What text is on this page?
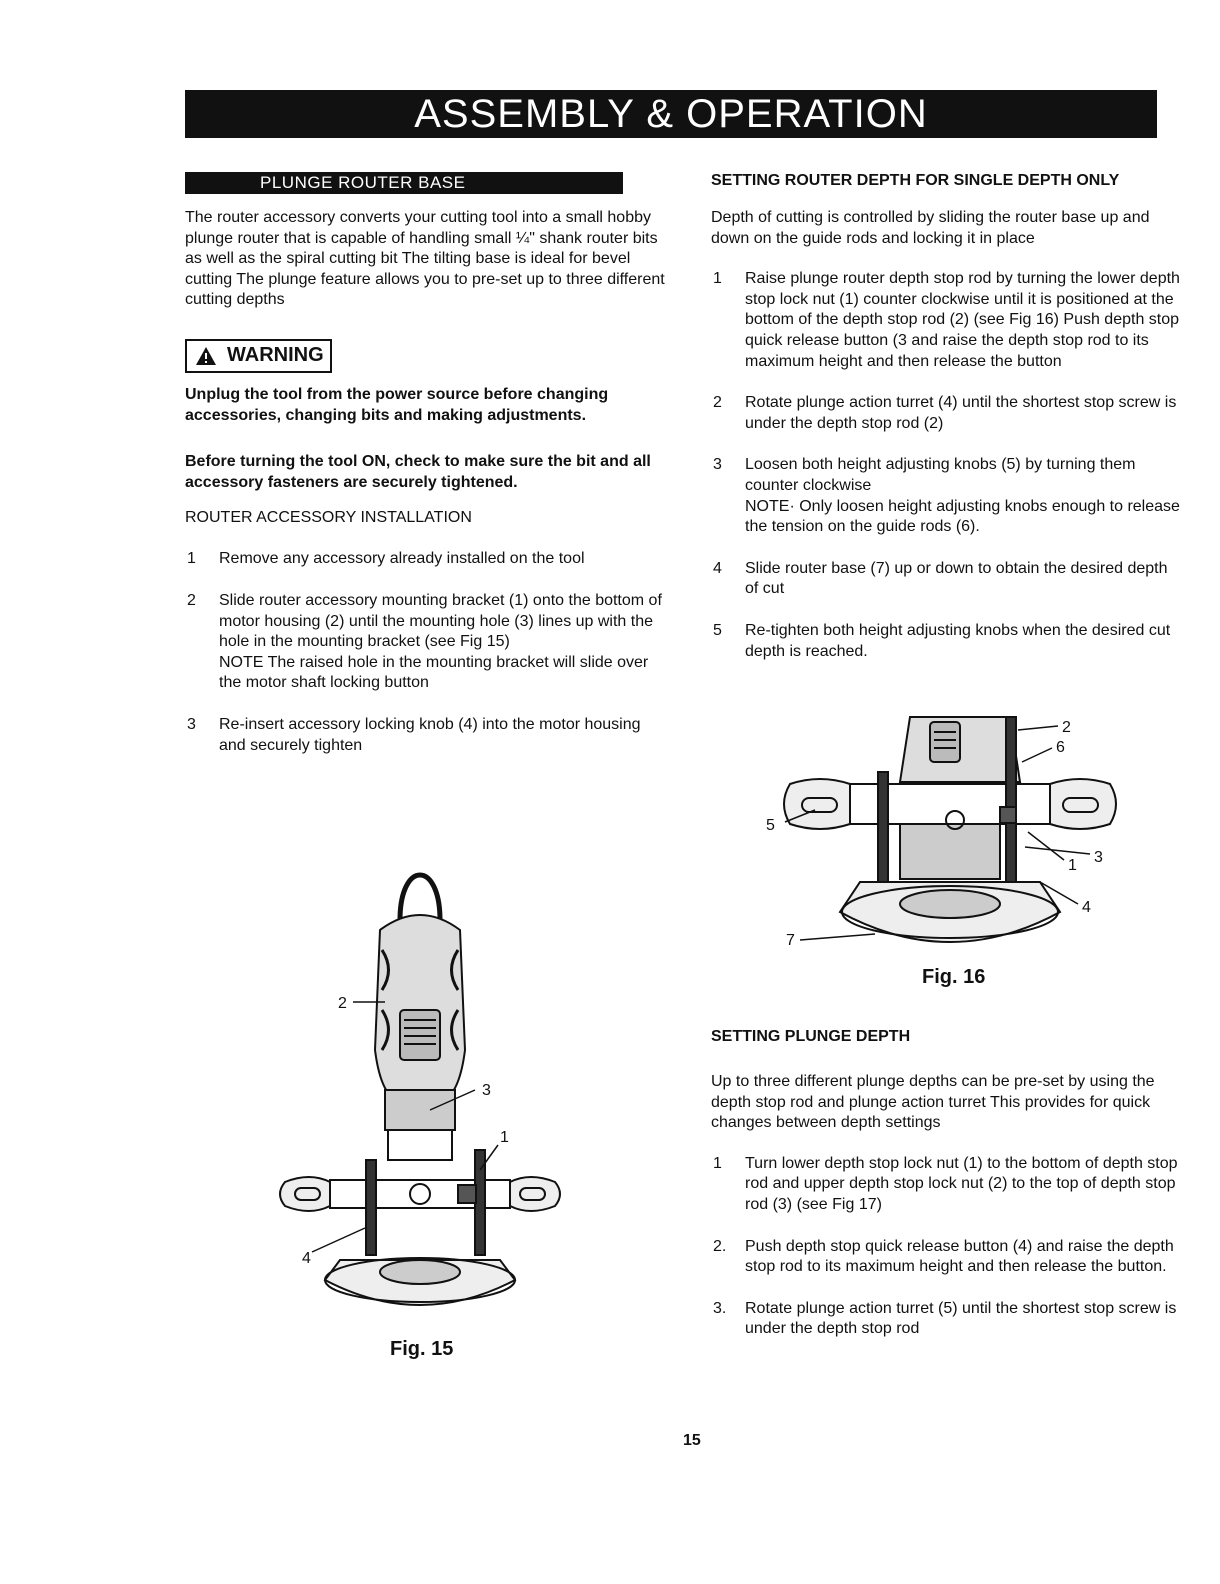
ASSEMBLY & OPERATION
PLUNGE ROUTER BASE

The router accessory converts your cutting tool into a small hobby plunge router that is capable of handling small ¼" shank router bits as well as the spiral cutting bit The tilting base is ideal for bevel cutting The plunge feature allows you to pre-set up to three different cutting depths

WARNING

Unplug the tool from the power source before changing accessories, changing bits and making adjustments.

Before turning the tool ON, check to make sure the bit and all accessory fasteners are securely tightened.

ROUTER ACCESSORY INSTALLATION

1 Remove any accessory already installed on the tool
2 Slide router accessory mounting bracket (1) onto the bottom of motor housing (2) until the mounting hole (3) lines up with the hole in the mounting bracket (see Fig 15)
NOTE The raised hole in the mounting bracket will slide over the motor shaft locking button
3 Re-insert accessory locking knob (4) into the motor housing and securely tighten
2
3
1
4
Fig. 15

SETTING ROUTER DEPTH FOR SINGLE DEPTH ONLY

Depth of cutting is controlled by sliding the router base up and down on the guide rods and locking it in place

1 Raise plunge router depth stop rod by turning the lower depth stop lock nut (1) counter clockwise until it is positioned at the bottom of the depth stop rod (2) (see Fig 16) Push depth stop quick release button (3 and raise the depth stop rod to its maximum height and then release the button
2 Rotate plunge action turret (4) until the shortest stop screw is under the depth stop rod (2)
3 Loosen both height adjusting knobs (5) by turning them counter clockwise
NOTE· Only loosen height adjusting knobs enough to release the tension on the guide rods (6).
4 Slide router base (7) up or down to obtain the desired depth of cut
5 Re-tighten both height adjusting knobs when the desired cut depth is reached.
2
6
5
1 3
4
7
Fig. 16

SETTING PLUNGE DEPTH

Up to three different plunge depths can be pre-set by using the depth stop rod and plunge action turret This provides for quick changes between depth settings

1 Turn lower depth stop lock nut (1) to the bottom of depth stop rod and upper depth stop lock nut (2) to the top of depth stop rod (3) (see Fig 17)
2. Push depth stop quick release button (4) and raise the depth stop rod to its maximum height and then release the button.
3. Rotate plunge action turret (5) until the shortest stop screw is under the depth stop rod
15
